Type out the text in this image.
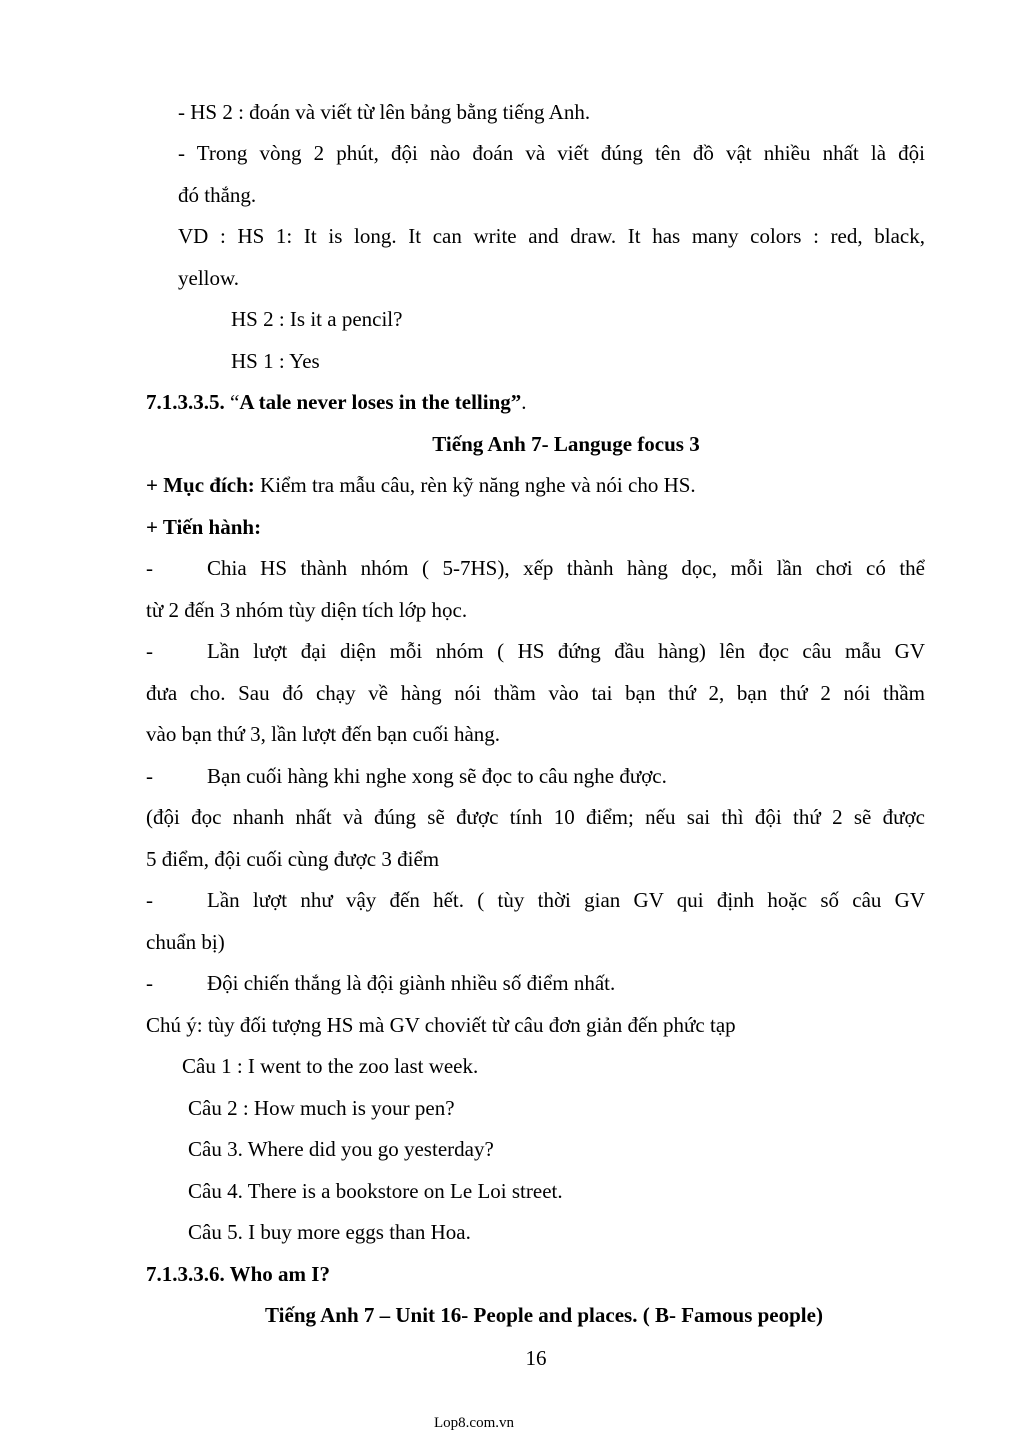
- HS 2 : đoán và viết từ lên bảng bằng tiếng Anh.
- Trong vòng 2 phút, đội nào đoán và viết đúng tên đồ vật nhiều nhất là đội
đó thắng.
VD : HS 1: It is long. It can write and draw. It has many colors : red, black,
yellow.
HS 2 : Is it a pencil?
HS 1 : Yes
7.1.3.3.5. “A tale never loses in the telling”.
Tiếng Anh 7- Languge focus 3
+ Mục đích: Kiểm tra mẫu câu, rèn kỹ năng nghe và nói cho HS.
+ Tiến hành:
-	Chia HS thành nhóm ( 5-7HS), xếp thành hàng dọc, mỗi lần chơi có thể
từ 2 đến 3 nhóm tùy diện tích lớp học.
-	Lần lượt đại diện mỗi nhóm ( HS đứng đầu hàng) lên đọc câu mẫu GV
đưa cho. Sau đó chạy về hàng nói thầm vào tai bạn thứ 2, bạn thứ 2 nói thầm
vào bạn thứ 3, lần lượt đến bạn cuối hàng.
-	Bạn cuối hàng khi nghe xong sẽ đọc to câu nghe được.
(đội đọc nhanh nhất và đúng sẽ được tính 10 điểm; nếu sai thì đội thứ 2 sẽ được
5 điểm, đội cuối cùng được 3 điểm
-	Lần lượt như vậy đến hết. ( tùy thời gian GV qui định hoặc số câu GV
chuẩn bị)
-	Đội chiến thắng là đội giành nhiều số điểm nhất.
Chú ý: tùy đối tượng HS mà GV choviết từ câu đơn giản đến phức tạp
Câu 1 : I went to the zoo last week.
Câu 2 : How much is your pen?
Câu 3. Where did you go yesterday?
Câu 4. There is a bookstore on Le Loi street.
Câu 5. I buy more eggs than Hoa.
7.1.3.3.6. Who am I?
Tiếng Anh 7 – Unit 16- People and places. ( B- Famous people)
16
Lop8.com.vn
